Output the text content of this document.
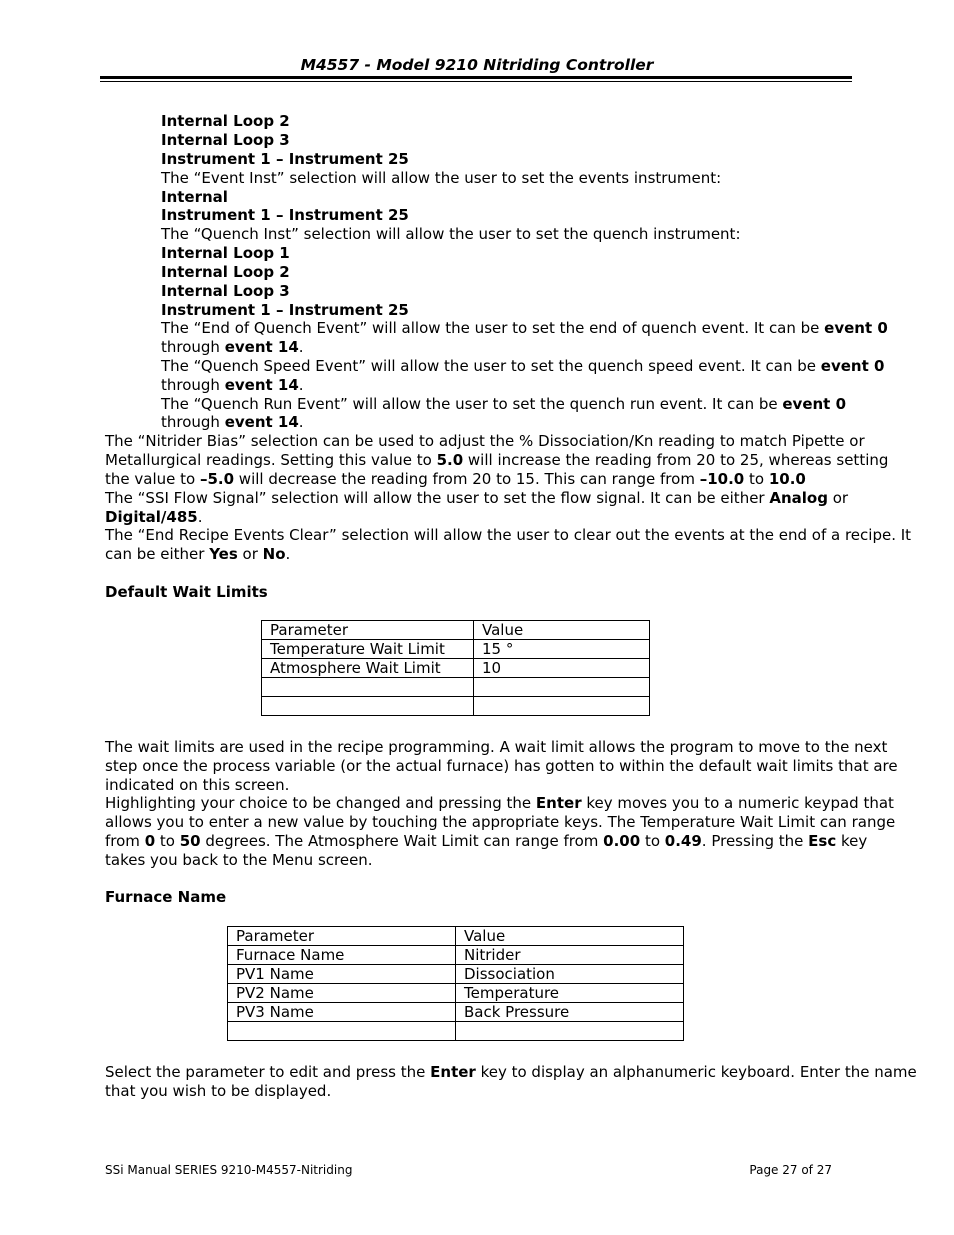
M4557 - Model 9210 Nitriding Controller
Internal Loop 2
Internal Loop 3
Instrument 1 – Instrument 25
The “Event Inst” selection will allow the user to set the events instrument:
Internal
Instrument 1 – Instrument 25
The “Quench Inst” selection will allow the user to set the quench instrument:
Internal Loop 1
Internal Loop 2
Internal Loop 3
Instrument 1 – Instrument 25
The “End of Quench Event” will allow the user to set the end of quench event. It can be event 0
through event 14.
The “Quench Speed Event” will allow the user to set the quench speed event. It can be event 0
through event 14.
The “Quench Run Event” will allow the user to set the quench run event. It can be event 0
through event 14.
The “Nitrider Bias” selection can be used to adjust the % Dissociation/Kn reading to match Pipette or
Metallurgical readings. Setting this value to 5.0 will increase the reading from 20 to 25, whereas setting
the value to –5.0 will decrease the reading from 20 to 15. This can range from –10.0 to 10.0
The “SSI Flow Signal” selection will allow the user to set the flow signal. It can be either Analog or
Digital/485.
The “End Recipe Events Clear” selection will allow the user to clear out the events at the end of a recipe. It
can be either Yes or No.
Default Wait Limits
Parameter	Value
Temperature Wait Limit	15 °
Atmosphere Wait Limit	10

The wait limits are used in the recipe programming. A wait limit allows the program to move to the next
step once the process variable (or the actual furnace) has gotten to within the default wait limits that are
indicated on this screen.
Highlighting your choice to be changed and pressing the Enter key moves you to a numeric keypad that
allows you to enter a new value by touching the appropriate keys. The Temperature Wait Limit can range
from 0 to 50 degrees. The Atmosphere Wait Limit can range from 0.00 to 0.49. Pressing the Esc key
takes you back to the Menu screen.
Furnace Name
Parameter	Value
Furnace Name	Nitrider
PV1 Name	Dissociation
PV2 Name	Temperature
PV3 Name	Back Pressure

Select the parameter to edit and press the Enter key to display an alphanumeric keyboard. Enter the name
that you wish to be displayed.
SSi Manual SERIES 9210-M4557-Nitriding	Page 27 of 27
